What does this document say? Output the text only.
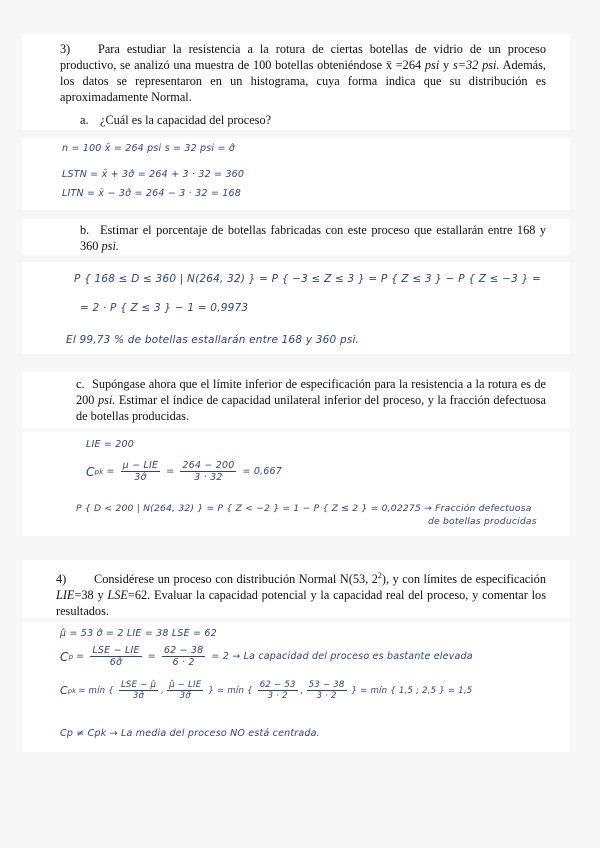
3) Para estudiar la resistencia a la rotura de ciertas botellas de vidrio de un proceso productivo, se analizó una muestra de 100 botellas obteniéndose x̄ =264 psi y s=32 psi. Además, los datos se representaron en un histograma, cuya forma indica que su distribución es aproximadamente Normal.
a. ¿Cuál es la capacidad del proceso?
n = 100 x̄ = 264 psi s = 32 psi = σ̂
LSTN = x̄ + 3σ̂ = 264 + 3 · 32 = 360
LITN = x̄ − 3σ̂ = 264 − 3 · 32 = 168
b. Estimar el porcentaje de botellas fabricadas con este proceso que estallarán entre 168 y 360 psi.
P { 168 ≤ D ≤ 360 | N(264, 32) } = P { −3 ≤ Z ≤ 3 } = P { Z ≤ 3 } − P { Z ≤ −3 } =
= 2 · P { Z ≤ 3 } − 1 = 0,9973
El 99,73 % de botellas estallarán entre 168 y 360 psi.
c. Supóngase ahora que el límite inferior de especificación para la resistencia a la rotura es de 200 psi. Estimar el índice de capacidad unilateral inferior del proceso, y la fracción defectuosa de botellas producidas.
LIE = 200
C pk = $\frac{\text{μ − LIE}}{3\sigmâ} = \frac{264 - 200}{3 \cdot 32} = 0,667$
P { D < 200 | N(264, 32) } = P { Z < −2 } = 1 − P { Z ≤ 2 } = 0,02275 → Fracción defectuosa
de botellas producidas
4) Considérese un proceso con distribución Normal N(53, $2^2$), y con límites de especificación LIE=38 y LSE=62. Evaluar la capacidad potencial y la capacidad real del proceso, y comentar los resultados.
μ̂ = 53 σ̂ = 2 LIE = 38 LSE = 62
C $p = \frac{\text{LSE − LIE}}{6\sigmâ} = \frac{62 - 38}{6 \cdot 2} = 2 \to La$ capacidad del proceso es bastante elevada
C pk = mín { $\frac{\text{LSE − μ̂}}{3\sigmâ}$ , $\frac{\text{μ̂ − LIE}}{3\sigmâ}$ } = mín { $\frac{62 - 53}{3 \cdot 2}$ , $\frac{53 - 38}{3 \cdot 2}$ } = mín { 1,5 ; 2,5 } = 1,5
Cp ≠ Cpk → La media del proceso NO está centrada.
